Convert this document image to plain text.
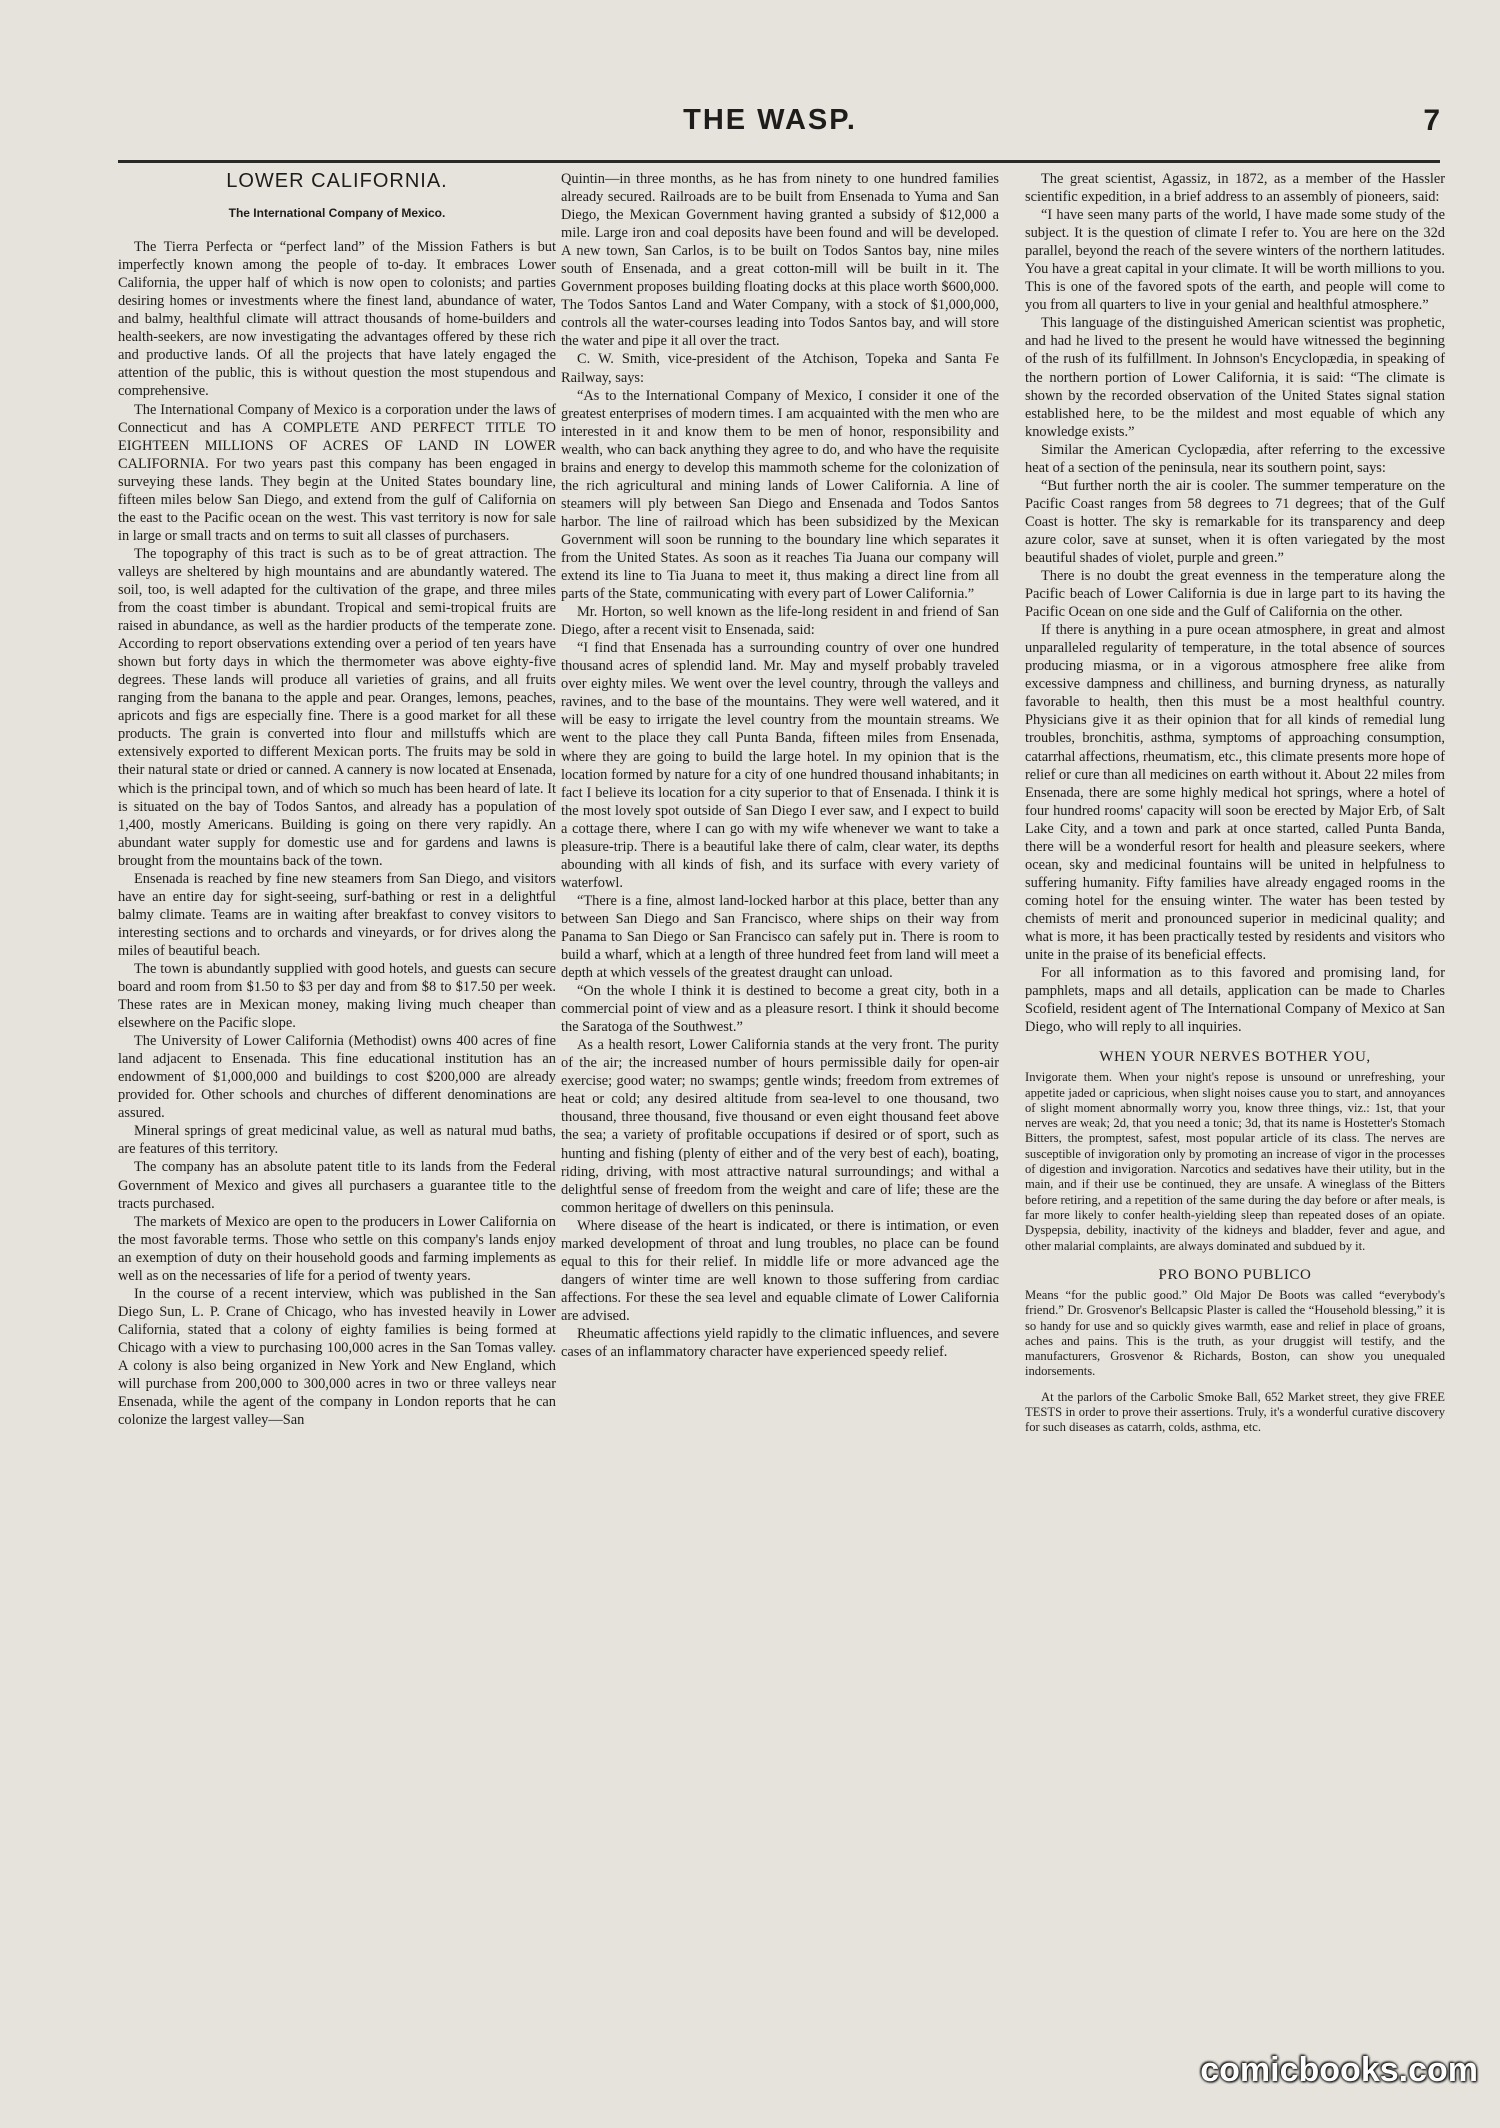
THE WASP.	7
LOWER CALIFORNIA.
The International Company of Mexico.

The Tierra Perfecta or “perfect land” of the Mission Fathers is but imperfectly known among the people of to-day. It embraces Lower California, the upper half of which is now open to colonists; and parties desiring homes or investments where the finest land, abundance of water, and balmy, healthful climate will attract thousands of home-builders and health-seekers, are now investigating the advantages offered by these rich and productive lands. Of all the projects that have lately engaged the attention of the public, this is without question the most stupendous and comprehensive.

The International Company of Mexico is a corporation under the laws of Connecticut and has A COMPLETE AND PERFECT TITLE TO EIGHTEEN MILLIONS OF ACRES OF LAND IN LOWER CALIFORNIA. For two years past this company has been engaged in surveying these lands. They begin at the United States boundary line, fifteen miles below San Diego, and extend from the gulf of California on the east to the Pacific ocean on the west. This vast territory is now for sale in large or small tracts and on terms to suit all classes of purchasers.

The topography of this tract is such as to be of great attraction. The valleys are sheltered by high mountains and are abundantly watered. The soil, too, is well adapted for the cultivation of the grape, and three miles from the coast timber is abundant. Tropical and semi-tropical fruits are raised in abundance, as well as the hardier products of the temperate zone. According to report observations extending over a period of ten years have shown but forty days in which the thermometer was above eighty-five degrees. These lands will produce all varieties of grains, and all fruits ranging from the banana to the apple and pear. Oranges, lemons, peaches, apricots and figs are especially fine. There is a good market for all these products. The grain is converted into flour and millstuffs which are extensively exported to different Mexican ports. The fruits may be sold in their natural state or dried or canned. A cannery is now located at Ensenada, which is the principal town, and of which so much has been heard of late. It is situated on the bay of Todos Santos, and already has a population of 1,400, mostly Americans. Building is going on there very rapidly. An abundant water supply for domestic use and for gardens and lawns is brought from the mountains back of the town.

Ensenada is reached by fine new steamers from San Diego, and visitors have an entire day for sight-seeing, surf-bathing or rest in a delightful balmy climate. Teams are in waiting after breakfast to convey visitors to interesting sections and to orchards and vineyards, or for drives along the miles of beautiful beach.

The town is abundantly supplied with good hotels, and guests can secure board and room from $1.50 to $3 per day and from $8 to $17.50 per week. These rates are in Mexican money, making living much cheaper than elsewhere on the Pacific slope.

The University of Lower California (Methodist) owns 400 acres of fine land adjacent to Ensenada. This fine educational institution has an endowment of $1,000,000 and buildings to cost $200,000 are already provided for. Other schools and churches of different denominations are assured.

Mineral springs of great medicinal value, as well as natural mud baths, are features of this territory.

The company has an absolute patent title to its lands from the Federal Government of Mexico and gives all purchasers a guarantee title to the tracts purchased.

The markets of Mexico are open to the producers in Lower California on the most favorable terms. Those who settle on this company's lands enjoy an exemption of duty on their household goods and farming implements as well as on the necessaries of life for a period of twenty years.

In the course of a recent interview, which was published in the San Diego Sun, L. P. Crane of Chicago, who has invested heavily in Lower California, stated that a colony of eighty families is being formed at Chicago with a view to purchasing 100,000 acres in the San Tomas valley. A colony is also being organized in New York and New England, which will purchase from 200,000 to 300,000 acres in two or three valleys near Ensenada, while the agent of the company in London reports that he can colonize the largest valley—San

Quintin—in three months, as he has from ninety to one hundred families already secured. Railroads are to be built from Ensenada to Yuma and San Diego, the Mexican Government having granted a subsidy of $12,000 a mile. Large iron and coal deposits have been found and will be developed. A new town, San Carlos, is to be built on Todos Santos bay, nine miles south of Ensenada, and a great cotton-mill will be built in it. The Government proposes building floating docks at this place worth $600,000. The Todos Santos Land and Water Company, with a stock of $1,000,000, controls all the water-courses leading into Todos Santos bay, and will store the water and pipe it all over the tract.

C. W. Smith, vice-president of the Atchison, Topeka and Santa Fe Railway, says:

“As to the International Company of Mexico, I consider it one of the greatest enterprises of modern times. I am acquainted with the men who are interested in it and know them to be men of honor, responsibility and wealth, who can back anything they agree to do, and who have the requisite brains and energy to develop this mammoth scheme for the colonization of the rich agricultural and mining lands of Lower California. A line of steamers will ply between San Diego and Ensenada and Todos Santos harbor. The line of railroad which has been subsidized by the Mexican Government will soon be running to the boundary line which separates it from the United States. As soon as it reaches Tia Juana our company will extend its line to Tia Juana to meet it, thus making a direct line from all parts of the State, communicating with every part of Lower California.”

Mr. Horton, so well known as the life-long resident in and friend of San Diego, after a recent visit to Ensenada, said:

“I find that Ensenada has a surrounding country of over one hundred thousand acres of splendid land. Mr. May and myself probably traveled over eighty miles. We went over the level country, through the valleys and ravines, and to the base of the mountains. They were well watered, and it will be easy to irrigate the level country from the mountain streams. We went to the place they call Punta Banda, fifteen miles from Ensenada, where they are going to build the large hotel. In my opinion that is the location formed by nature for a city of one hundred thousand inhabitants; in fact I believe its location for a city superior to that of Ensenada. I think it is the most lovely spot outside of San Diego I ever saw, and I expect to build a cottage there, where I can go with my wife whenever we want to take a pleasure-trip. There is a beautiful lake there of calm, clear water, its depths abounding with all kinds of fish, and its surface with every variety of waterfowl.

“There is a fine, almost land-locked harbor at this place, better than any between San Diego and San Francisco, where ships on their way from Panama to San Diego or San Francisco can safely put in. There is room to build a wharf, which at a length of three hundred feet from land will meet a depth at which vessels of the greatest draught can unload.

“On the whole I think it is destined to become a great city, both in a commercial point of view and as a pleasure resort. I think it should become the Saratoga of the Southwest.”

As a health resort, Lower California stands at the very front. The purity of the air; the increased number of hours permissible daily for open-air exercise; good water; no swamps; gentle winds; freedom from extremes of heat or cold; any desired altitude from sea-level to one thousand, two thousand, three thousand, five thousand or even eight thousand feet above the sea; a variety of profitable occupations if desired or of sport, such as hunting and fishing (plenty of either and of the very best of each), boating, riding, driving, with most attractive natural surroundings; and withal a delightful sense of freedom from the weight and care of life; these are the common heritage of dwellers on this peninsula.

Where disease of the heart is indicated, or there is intimation, or even marked development of throat and lung troubles, no place can be found equal to this for their relief. In middle life or more advanced age the dangers of winter time are well known to those suffering from cardiac affections. For these the sea level and equable climate of Lower California are advised.

Rheumatic affections yield rapidly to the climatic influences, and severe cases of an inflammatory character have experienced speedy relief.

The great scientist, Agassiz, in 1872, as a member of the Hassler scientific expedition, in a brief address to an assembly of pioneers, said:

“I have seen many parts of the world, I have made some study of the subject. It is the question of climate I refer to. You are here on the 32d parallel, beyond the reach of the severe winters of the northern latitudes. You have a great capital in your climate. It will be worth millions to you. This is one of the favored spots of the earth, and people will come to you from all quarters to live in your genial and healthful atmosphere.”

This language of the distinguished American scientist was prophetic, and had he lived to the present he would have witnessed the beginning of the rush of its fulfillment. In Johnson's Encyclopædia, in speaking of the northern portion of Lower California, it is said: “The climate is shown by the recorded observation of the United States signal station established here, to be the mildest and most equable of which any knowledge exists.”

Similar the American Cyclopædia, after referring to the excessive heat of a section of the peninsula, near its southern point, says:

“But further north the air is cooler. The summer temperature on the Pacific Coast ranges from 58 degrees to 71 degrees; that of the Gulf Coast is hotter. The sky is remarkable for its transparency and deep azure color, save at sunset, when it is often variegated by the most beautiful shades of violet, purple and green.”

There is no doubt the great evenness in the temperature along the Pacific beach of Lower California is due in large part to its having the Pacific Ocean on one side and the Gulf of California on the other.

If there is anything in a pure ocean atmosphere, in great and almost unparalleled regularity of temperature, in the total absence of sources producing miasma, or in a vigorous atmosphere free alike from excessive dampness and chilliness, and burning dryness, as naturally favorable to health, then this must be a most healthful country. Physicians give it as their opinion that for all kinds of remedial lung troubles, bronchitis, asthma, symptoms of approaching consumption, catarrhal affections, rheumatism, etc., this climate presents more hope of relief or cure than all medicines on earth without it. About 22 miles from Ensenada, there are some highly medical hot springs, where a hotel of four hundred rooms' capacity will soon be erected by Major Erb, of Salt Lake City, and a town and park at once started, called Punta Banda, there will be a wonderful resort for health and pleasure seekers, where ocean, sky and medicinal fountains will be united in helpfulness to suffering humanity. Fifty families have already engaged rooms in the coming hotel for the ensuing winter. The water has been tested by chemists of merit and pronounced superior in medicinal quality; and what is more, it has been practically tested by residents and visitors who unite in the praise of its beneficial effects.

For all information as to this favored and promising land, for pamphlets, maps and all details, application can be made to Charles Scofield, resident agent of The International Company of Mexico at San Diego, who will reply to all inquiries.

WHEN YOUR NERVES BOTHER YOU,

Invigorate them. When your night's repose is unsound or unrefreshing, your appetite jaded or capricious, when slight noises cause you to start, and annoyances of slight moment abnormally worry you, know three things, viz.: 1st, that your nerves are weak; 2d, that you need a tonic; 3d, that its name is Hostetter's Stomach Bitters, the promptest, safest, most popular article of its class. The nerves are susceptible of invigoration only by promoting an increase of vigor in the processes of digestion and invigoration. Narcotics and sedatives have their utility, but in the main, and if their use be continued, they are unsafe. A wineglass of the Bitters before retiring, and a repetition of the same during the day before or after meals, is far more likely to confer health-yielding sleep than repeated doses of an opiate. Dyspepsia, debility, inactivity of the kidneys and bladder, fever and ague, and other malarial complaints, are always dominated and subdued by it.

PRO BONO PUBLICO

Means “for the public good.” Old Major De Boots was called “everybody's friend.” Dr. Grosvenor's Bellcapsic Plaster is called the “Household blessing,” it is so handy for use and so quickly gives warmth, ease and relief in place of groans, aches and pains. This is the truth, as your druggist will testify, and the manufacturers, Grosvenor & Richards, Boston, can show you unequaled indorsements.

At the parlors of the Carbolic Smoke Ball, 652 Market street, they give FREE TESTS in order to prove their assertions. Truly, it's a wonderful curative discovery for such diseases as catarrh, colds, asthma, etc.

comicbooks.com
